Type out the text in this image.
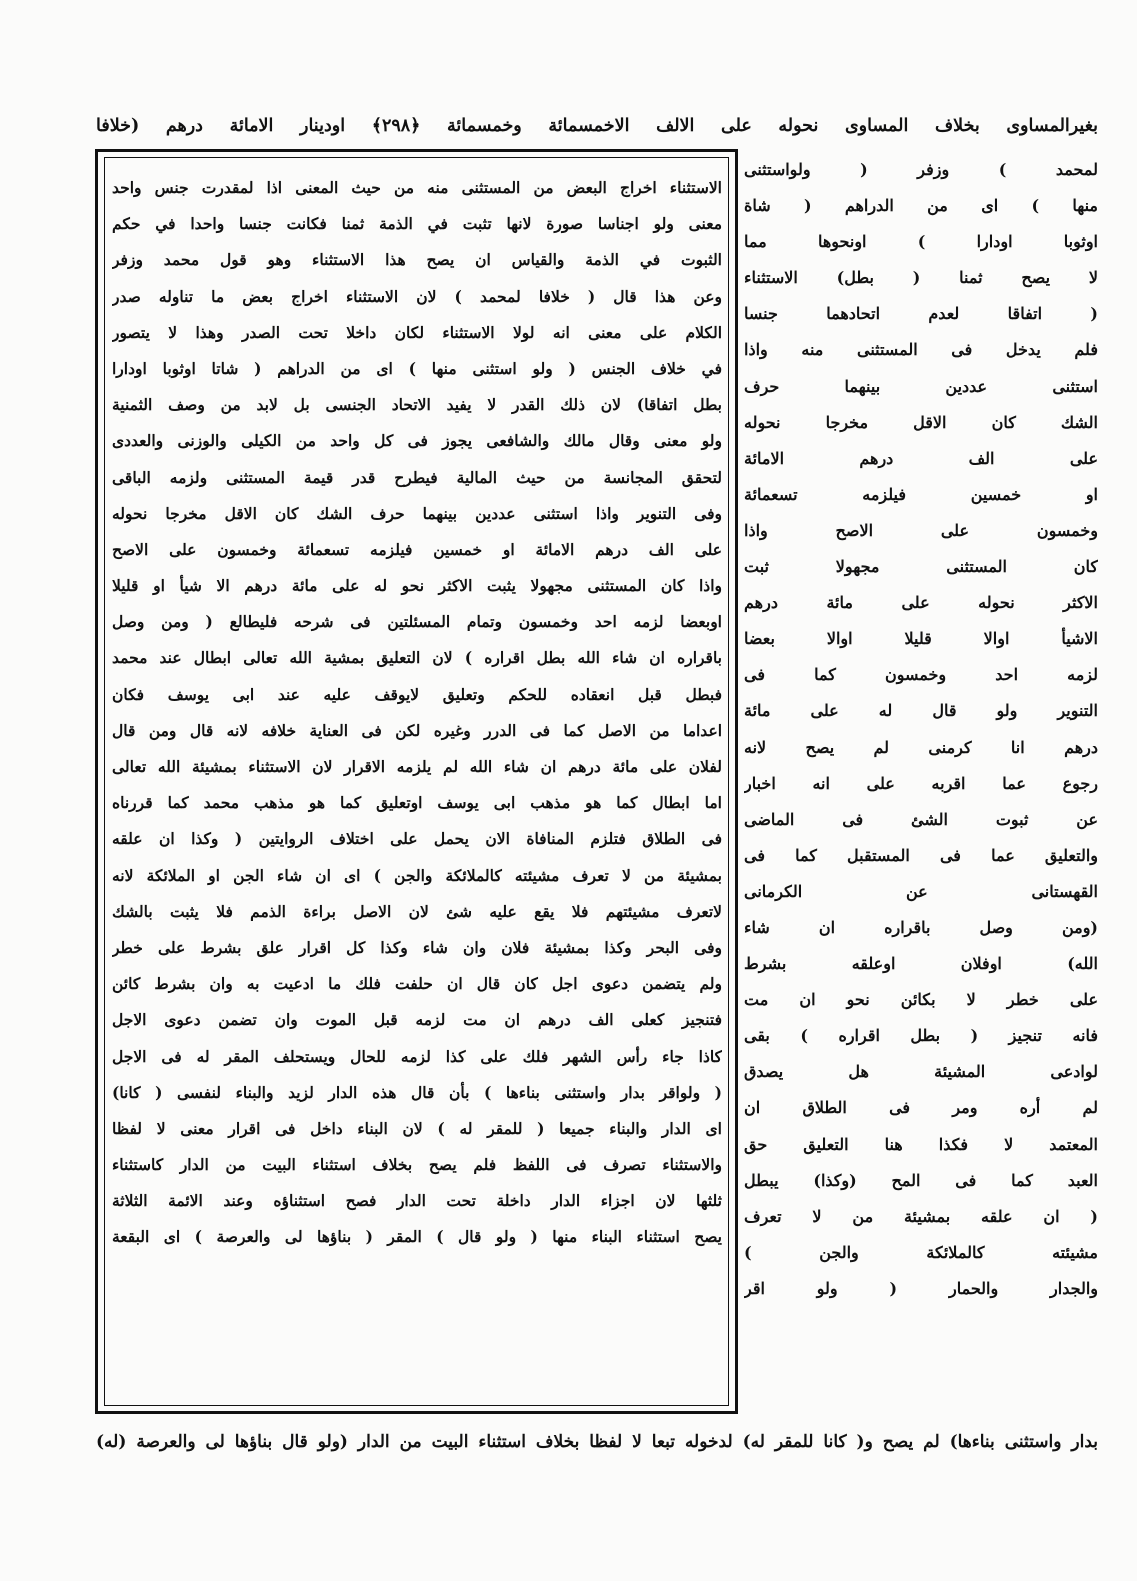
بغيرالمساوى بخلاف المساوى نحوله على الالف الاخمسمائة وخمسمائة ﴿٢٩٨﴾ اودينار الامائة درهم (خلافا
الاستثناء اخراج البعض من المستثنى منه من حيث المعنى اذا لمقدرت جنس واحد
معنى ولو اجناسا صورة لانها تثبت في الذمة ثمنا فكانت جنسا واحدا في حكم
الثبوت في الذمة والقياس ان يصح هذا الاستثناء وهو قول محمد وزفر
وعن هذا قال ( خلافا لمحمد ) لان الاستثناء اخراج بعض ما تناوله صدر
الكلام على معنى انه لولا الاستثناء لكان داخلا تحت الصدر وهذا لا يتصور
في خلاف الجنس ( ولو استثنى منها ) اى من الدراهم ( شاتا اوثوبا اودارا
بطل اتفاقا) لان ذلك القدر لا يفيد الاتحاد الجنسى بل لابد من وصف الثمنية
ولو معنى وقال مالك والشافعى يجوز فى كل واحد من الكيلى والوزنى والعددى
لتحقق المجانسة من حيث المالية فيطرح قدر قيمة المستثنى ولزمه الباقى
وفى التنوير واذا استثنى عددين بينهما حرف الشك كان الاقل مخرجا نحوله
على الف درهم الامائة او خمسين فيلزمه تسعمائة وخمسون على الاصح
واذا كان المستثنى مجهولا يثبت الاكثر نحو له على مائة درهم الا شيأ او قليلا
اوبعضا لزمه احد وخمسون وتمام المسئلتين فى شرحه فليطالع ( ومن وصل
باقراره ان شاء الله بطل اقراره ) لان التعليق بمشية الله تعالى ابطال عند محمد
فبطل قبل انعقاده للحكم وتعليق لايوقف عليه عند ابى يوسف فكان
اعداما من الاصل كما فى الدرر وغيره لكن فى العناية خلافه لانه قال ومن قال
لفلان على مائة درهم ان شاء الله لم يلزمه الاقرار لان الاستثناء بمشيئة الله تعالى
اما ابطال كما هو مذهب ابى يوسف اوتعليق كما هو مذهب محمد كما قررناه
فى الطلاق فتلزم المنافاة الان يحمل على اختلاف الروايتين ( وكذا ان علقه
بمشيئة من لا تعرف مشيئته كالملائكة والجن ) اى ان شاء الجن او الملائكة لانه
لاتعرف مشيئتهم فلا يقع عليه شئ لان الاصل براءة الذمم فلا يثبت بالشك
وفى البحر وكذا بمشيئة فلان وان شاء وكذا كل اقرار علق بشرط على خطر
ولم يتضمن دعوى اجل كان قال ان حلفت فلك ما ادعيت به وان بشرط كائن
فتنجيز كعلى الف درهم ان مت لزمه قبل الموت وان تضمن دعوى الاجل
كاذا جاء رأس الشهر فلك على كذا لزمه للحال ويستحلف المقر له فى الاجل
( ولواقر بدار واستثنى بناءها ) بأن قال هذه الدار لزيد والبناء لنفسى ( كانا)
اى الدار والبناء جميعا ( للمقر له ) لان البناء داخل فى اقرار معنى لا لفظا
والاستثناء تصرف فى اللفظ فلم يصح بخلاف استثناء البيت من الدار كاستثناء
ثلثها لان اجزاء الدار داخلة تحت الدار فصح استثناؤه وعند الائمة الثلاثة
يصح استثناء البناء منها ( ولو قال ) المقر ( بناؤها لى والعرصة ) اى البقعة
لمحمد ) وزفر ( ولواستثنى
منها ) اى من الدراهم ( شاة
اوثوبا اودارا ) اونحوها مما
لا يصح ثمنا ( بطل) الاستثناء
( اتفاقا لعدم اتحادهما جنسا
فلم يدخل فى المستثنى منه واذا
استثنى عددين بينهما حرف
الشك كان الاقل مخرجا نحوله
على الف درهم الامائة
او خمسين فيلزمه تسعمائة
وخمسون على الاصح واذا
كان المستثنى مجهولا ثبت
الاكثر نحوله على مائة درهم
الاشيأ اوالا قليلا اوالا بعضا
لزمه احد وخمسون كما فى
التنوير ولو قال له على مائة
درهم انا كرمنى لم يصح لانه
رجوع عما اقربه على انه اخبار
عن ثبوت الشئ فى الماضى
والتعليق عما فى المستقبل كما فى
القهستانى عن الكرمانى
(ومن وصل باقراره ان شاء
الله) اوفلان اوعلقه بشرط
على خطر لا بكائن نحو ان مت
فانه تنجيز ( بطل اقراره ) بقى
لوادعى المشيئة هل يصدق
لم أره ومر فى الطلاق ان
المعتمد لا فكذا هنا التعليق حق
العبد كما فى المح (وكذا) يبطل
( ان علقه بمشيئة من لا تعرف
مشيئته كالملائكة والجن )
والجدار والحمار ( ولو اقر
بدار واستثنى بناءها) لم يصح و( كانا للمقر له) لدخوله تبعا لا لفظا بخلاف استثناء البيت من الدار (ولو قال بناؤها لى والعرصة (له)
